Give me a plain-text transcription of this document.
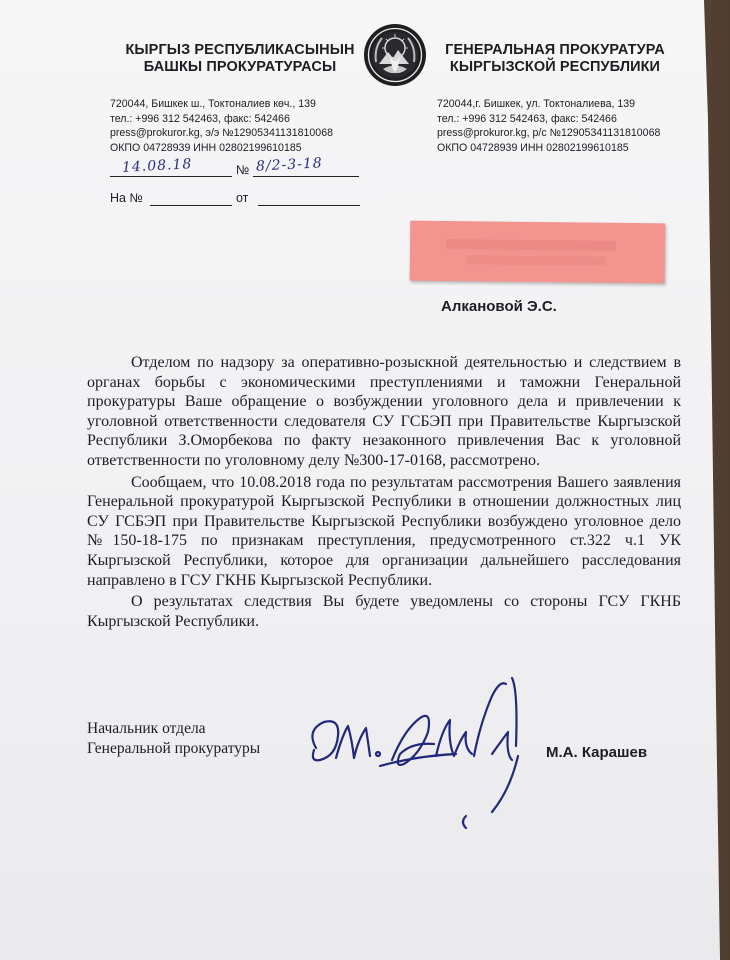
КЫРГЫЗ РЕСПУБЛИКАСЫНЫН
БАШКЫ ПРОКУРАТУРАСЫ
ГЕНЕРАЛЬНАЯ ПРОКУРАТУРА
КЫРГЫЗСКОЙ РЕСПУБЛИКИ
720044, Бишкек ш., Токтоналиев көч., 139
тел.: +996 312 542463, факс: 542466
press@prokuror.kg, э/э №12905341131810068
ОКПО 04728939 ИНН 02802199610185
720044,г. Бишкек, ул. Токтоналиева, 139
тел.: +996 312 542463, факс: 542466
press@prokuror.kg, р/с №12905341131810068
ОКПО 04728939 ИНН 02802199610185
14.08.18	№ 8/2-3-18
На №	от
Алкановой Э.С.

Отделом по надзору за оперативно-розыскной деятельностью и следствием в органах борьбы с экономическими преступлениями и таможни Генеральной прокуратуры Ваше обращение о возбуждении уголовного дела и привлечении к уголовной ответственности следователя СУ ГСБЭП при Правительстве Кыргызской Республики З.Оморбекова по факту незаконного привлечения Вас к уголовной ответственности по уголовному делу №300-17-0168, рассмотрено.

Сообщаем, что 10.08.2018 года по результатам рассмотрения Вашего заявления Генеральной прокуратурой Кыргызской Республики в отношении должностных лиц СУ ГСБЭП при Правительстве Кыргызской Республики возбуждено уголовное дело №150-18-175 по признакам преступления, предусмотренного ст.322 ч.1 УК Кыргызской Республики, которое для организации дальнейшего расследования направлено в ГСУ ГКНБ Кыргызской Республики.

О результатах следствия Вы будете уведомлены со стороны ГСУ ГКНБ Кыргызской Республики.

Начальник отдела
Генеральной прокуратуры	М.А. Карашев
